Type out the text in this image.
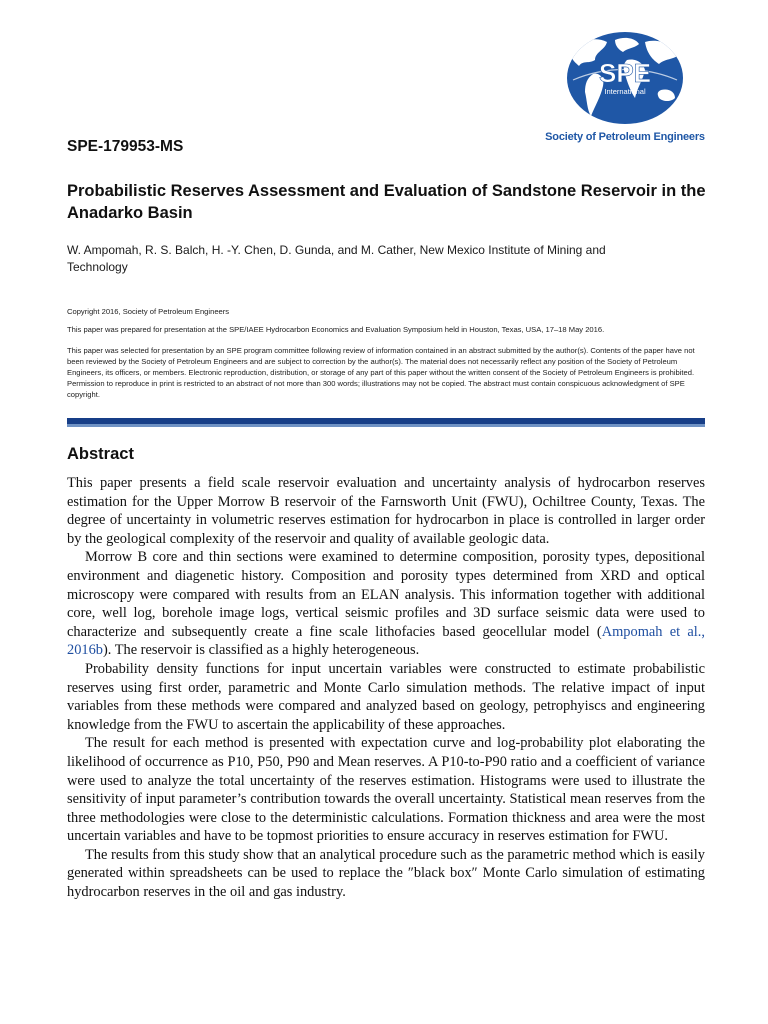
SPE
International
Society of Petroleum Engineers
SPE-179953-MS
Probabilistic Reserves Assessment and Evaluation of Sandstone Reservoir in the Anadarko Basin

W. Ampomah, R. S. Balch, H. -Y. Chen, D. Gunda, and M. Cather, New Mexico Institute of Mining and Technology

Copyright 2016, Society of Petroleum Engineers

This paper was prepared for presentation at the SPE/IAEE Hydrocarbon Economics and Evaluation Symposium held in Houston, Texas, USA, 17–18 May 2016.

This paper was selected for presentation by an SPE program committee following review of information contained in an abstract submitted by the author(s). Contents of the paper have not been reviewed by the Society of Petroleum Engineers and are subject to correction by the author(s). The material does not necessarily reflect any position of the Society of Petroleum Engineers, its officers, or members. Electronic reproduction, distribution, or storage of any part of this paper without the written consent of the Society of Petroleum Engineers is prohibited. Permission to reproduce in print is restricted to an abstract of not more than 300 words; illustrations may not be copied. The abstract must contain conspicuous acknowledgment of SPE copyright.

Abstract

This paper presents a field scale reservoir evaluation and uncertainty analysis of hydrocarbon reserves estimation for the Upper Morrow B reservoir of the Farnsworth Unit (FWU), Ochiltree County, Texas. The degree of uncertainty in volumetric reserves estimation for hydrocarbon in place is controlled in larger order by the geological complexity of the reservoir and quality of available geologic data.

Morrow B core and thin sections were examined to determine composition, porosity types, depositional environment and diagenetic history. Composition and porosity types determined from XRD and optical microscopy were compared with results from an ELAN analysis. This information together with additional core, well log, borehole image logs, vertical seismic profiles and 3D surface seismic data were used to characterize and subsequently create a fine scale lithofacies based geocellular model (Ampomah et al., 2016b). The reservoir is classified as a highly heterogeneous.

Probability density functions for input uncertain variables were constructed to estimate probabilistic reserves using first order, parametric and Monte Carlo simulation methods. The relative impact of input variables from these methods were compared and analyzed based on geology, petrophyiscs and engineering knowledge from the FWU to ascertain the applicability of these approaches.

The result for each method is presented with expectation curve and log-probability plot elaborating the likelihood of occurrence as P10, P50, P90 and Mean reserves. A P10-to-P90 ratio and a coefficient of variance were used to analyze the total uncertainty of the reserves estimation. Histograms were used to illustrate the sensitivity of input parameter’s contribution towards the overall uncertainty. Statistical mean reserves from the three methodologies were close to the deterministic calculations. Formation thickness and area were the most uncertain variables and have to be topmost priorities to ensure accuracy in reserves estimation for FWU.

The results from this study show that an analytical procedure such as the parametric method which is easily generated within spreadsheets can be used to replace the ″black box″ Monte Carlo simulation of estimating hydrocarbon reserves in the oil and gas industry.
